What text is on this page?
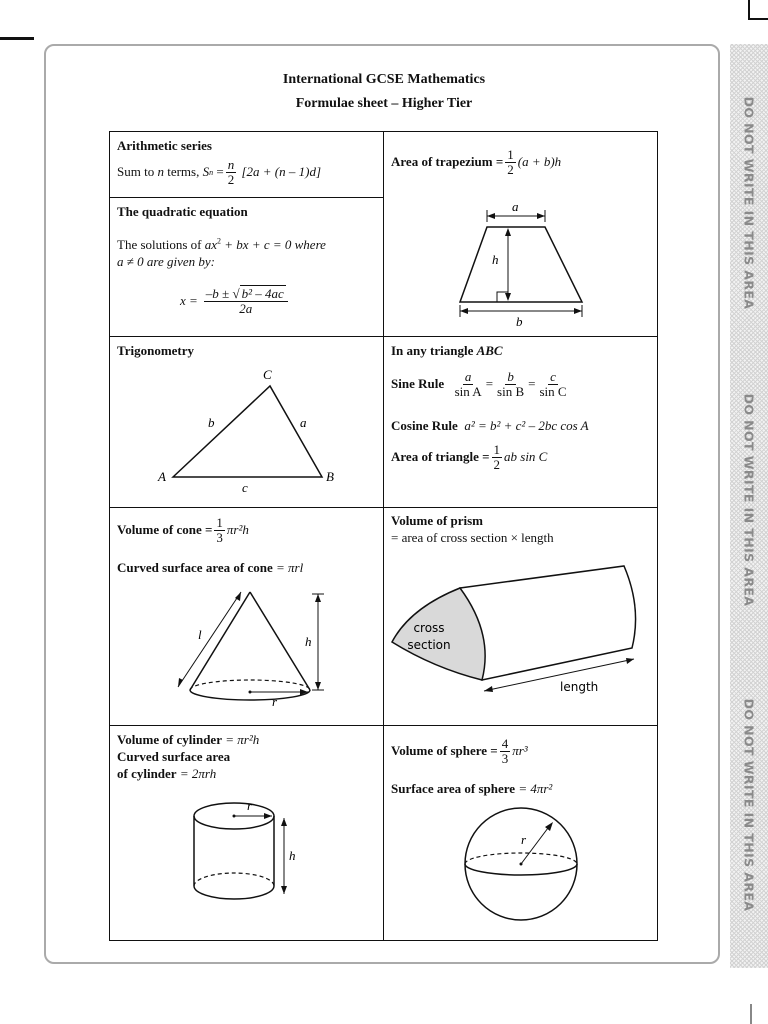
DO NOT WRITE IN THIS AREA
DO NOT WRITE IN THIS AREA
DO NOT WRITE IN THIS AREA
International GCSE Mathematics
Formulae sheet – Higher Tier
Arithmetic series
Sum to
n
terms,
S n
= $\frac{n}{2}$
[2a + (n – 1)d]
The quadratic equation
The solutions of $ax^2$ + bx + c = 0 where
a ≠ 0 are given by:
$x = \frac{\text{–b ± √ b² – 4ac}}{2a}$
Area of trapezium = $\frac{1}{2} (a + b)h$
a
h
b
Trigonometry
C
A	B
b	a
c
In any triangle ABC
Sine Rule
$\frac{a}{\text{sin A}} = \frac{b}{\text{sin B}} = \frac{c}{\text{sin C}}$
Cosine Rule a² = b² + c² – 2bc cos A
Area of triangle = $\frac{1}{2}$ ab sin C
Volume of cone = $\frac{1}{3} \pi r^2h$
Curved surface area of cone = πrl
l	h
r
Volume of prism
= area of cross section × length
cross
section
length
Volume of cylinder = πr²h
Curved surface area
of cylinder = 2πrh
r
h
Volume of sphere = $\frac{4}{3} \pi r^3$
Surface area of sphere = 4πr²
r
